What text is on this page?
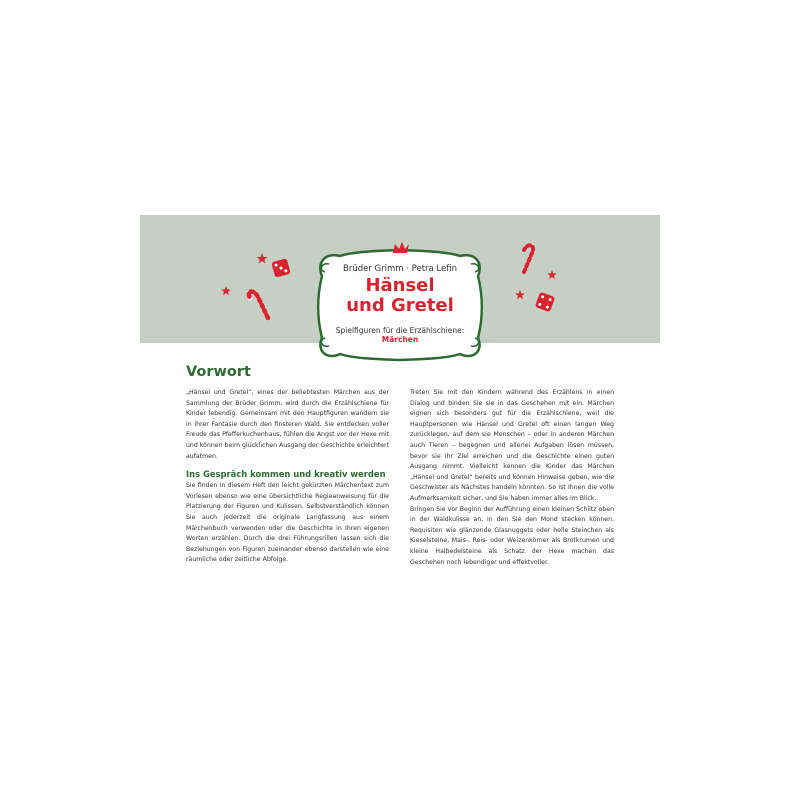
Brüder Grimm · Petra Lefin
Hänsel
und Gretel
Spielfiguren für die Erzählschiene:
Märchen
Vorwort

„Hänsel und Gretel“, eines der beliebtesten Märchen aus der Sammlung der Brüder Grimm, wird durch die Erzählschiene für Kinder lebendig. Gemeinsam mit den Hauptfiguren wandern sie in ihrer Fantasie durch den finsteren Wald. Sie entdecken voller Freude das Pfefferkuchenhaus, fühlen die Angst vor der Hexe mit und können beim glücklichen Ausgang der Geschichte erleichtert aufatmen.

Ins Gespräch kommen und kreativ werden

Sie finden in diesem Heft den leicht gekürzten Märchentext zum Vorlesen ebenso wie eine übersichtliche Regieanweisung für die Platzierung der Figuren und Kulissen. Selbstverständlich können Sie auch jederzeit die originale Langfassung aus einem Märchenbuch verwenden oder die Geschichte in Ihren eigenen Worten erzählen. Durch die drei Führungsrillen lassen sich die Beziehungen von Figuren zueinander ebenso darstellen wie eine räumliche oder zeitliche Abfolge.

Treten Sie mit den Kindern während des Erzählens in einen Dialog und binden Sie sie in das Geschehen mit ein. Märchen eignen sich besonders gut für die Erzählschiene, weil die Hauptpersonen wie Hänsel und Gretel oft einen langen Weg zurücklegen, auf dem sie Menschen – oder in anderen Märchen auch Tieren – begegnen und allerlei Aufgaben lösen müssen, bevor sie ihr Ziel erreichen und die Geschichte einen guten Ausgang nimmt. Vielleicht kennen die Kinder das Märchen „Hänsel und Gretel“ bereits und können Hinweise geben, wie die Geschwister als Nächstes handeln könnten. So ist Ihnen die volle Aufmerksamkeit sicher, und Sie haben immer alles im Blick.

Bringen Sie vor Beginn der Aufführung einen kleinen Schlitz oben in der Waldkulisse an, in den Sie den Mond stecken können. Requisiten wie glänzende Glasnuggets oder helle Steinchen als Kieselsteine, Mais-, Reis- oder Weizenkörner als Brotkrumen und kleine Halbedelsteine als Schatz der Hexe machen das Geschehen noch lebendiger und effektvoller.
